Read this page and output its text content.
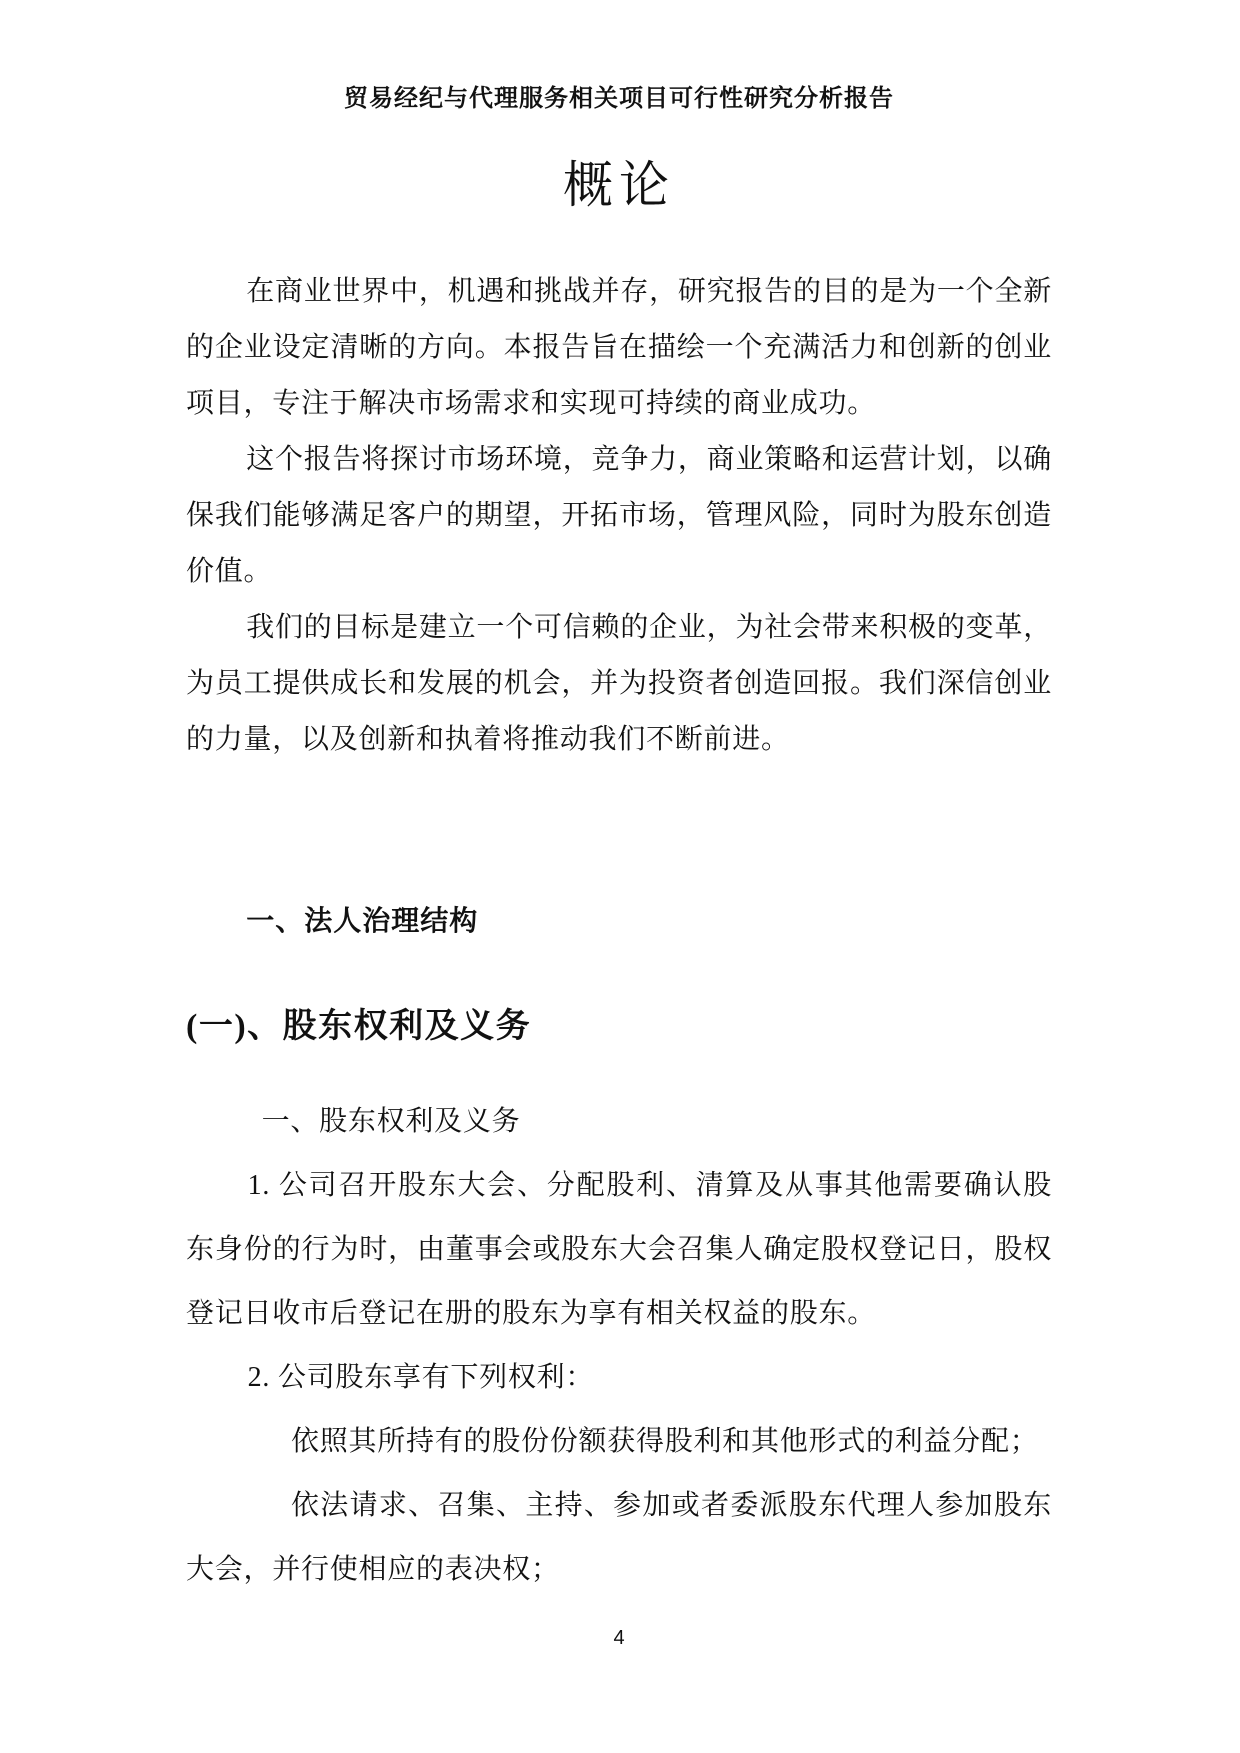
贸易经纪与代理服务相关项目可行性研究分析报告
概论

在商业世界中，机遇和挑战并存，研究报告的目的是为一个全新的企业设定清晰的方向。本报告旨在描绘一个充满活力和创新的创业项目，专注于解决市场需求和实现可持续的商业成功。

这个报告将探讨市场环境，竞争力，商业策略和运营计划，以确保我们能够满足客户的期望，开拓市场，管理风险，同时为股东创造价值。

我们的目标是建立一个可信赖的企业，为社会带来积极的变革，为员工提供成长和发展的机会，并为投资者创造回报。我们深信创业的力量，以及创新和执着将推动我们不断前进。

一、法人治理结构
(一)、股东权利及义务

一、股东权利及义务

1. 公司召开股东大会、分配股利、清算及从事其他需要确认股东身份的行为时，由董事会或股东大会召集人确定股权登记日，股权登记日收市后登记在册的股东为享有相关权益的股东。

2. 公司股东享有下列权利：

依照其所持有的股份份额获得股利和其他形式的利益分配；

依法请求、召集、主持、参加或者委派股东代理人参加股东大会，并行使相应的表决权；

4
